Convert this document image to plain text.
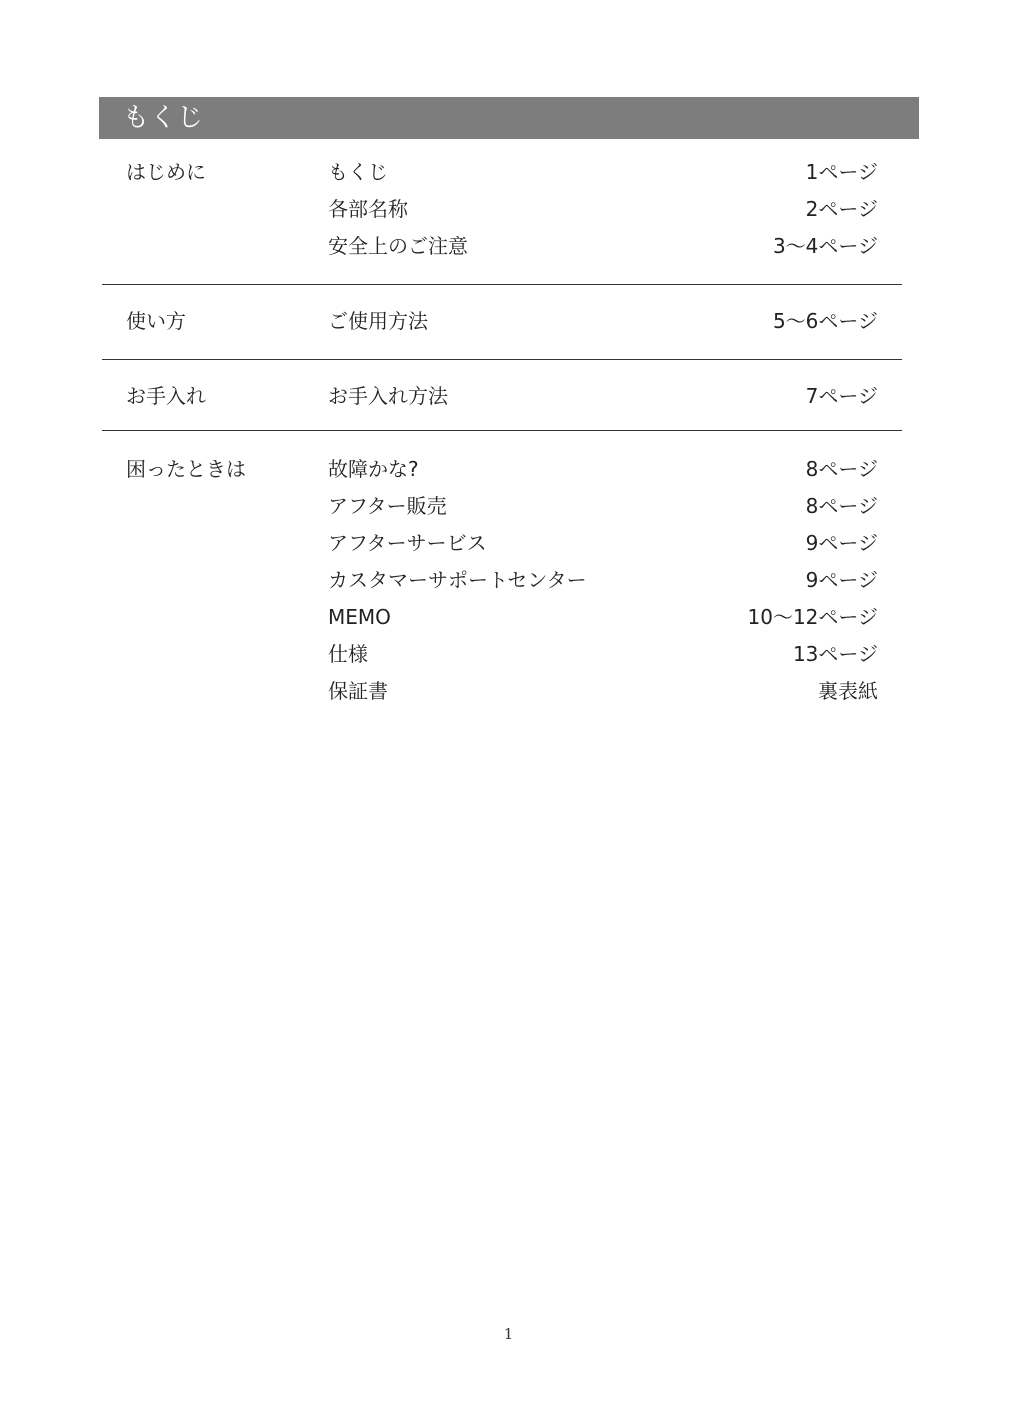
もくじ
はじめに	もくじ	1ページ
各部名称	2ページ
安全上のご注意	3〜4ページ
使い方	ご使用方法	5〜6ページ
お手入れ	お手入れ方法	7ページ
困ったときは	故障かな?	8ページ
アフター販売	8ページ
アフターサービス	9ページ
カスタマーサポートセンター	9ページ
MEMO	10〜12ページ
仕様	13ページ
保証書	裏表紙
1
